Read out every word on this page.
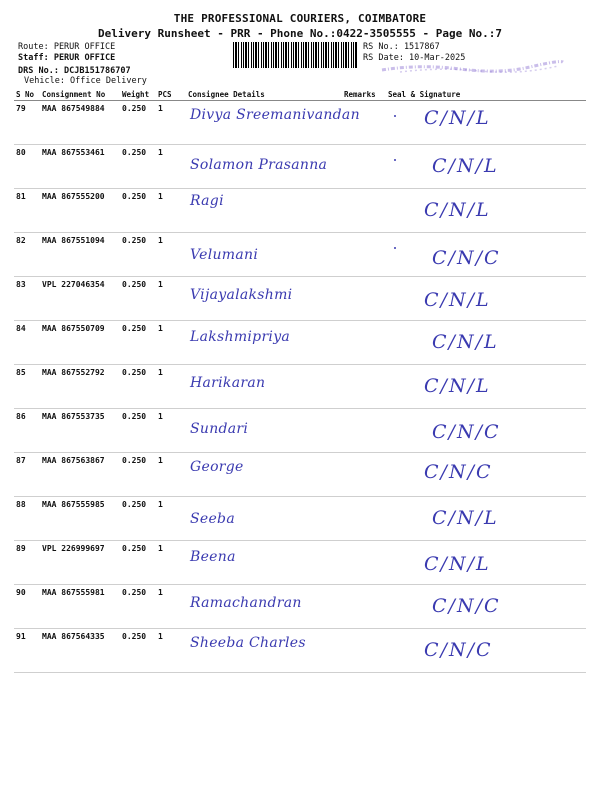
THE PROFESSIONAL COURIERS, COIMBATORE
Delivery Runsheet - PRR - Phone No.:0422-3505555 - Page No.:7
Route: PERUR OFFICE
Staff: PERUR OFFICE
DRS No.: DCJB151786707
Vehicle: Office Delivery
RS No.: 1517867
RS Date: 10-Mar-2025
S No	Consignment No	Weight	PCS	Consignee Details	Remarks	Seal & Signature
79	MAA 867549884	0.250	1	Divya Sreemanivandan		C/N/L

80	MAA 867553461	0.250	1	Solamon Prasanna		C/N/L

81	MAA 867555200	0.250	1	Ragi		C/N/L

82	MAA 867551094	0.250	1	Velumani		C/N/C

83	VPL 227046354	0.250	1	Vijayalakshmi		C/N/L

84	MAA 867550709	0.250	1	Lakshmipriya		C/N/L

85	MAA 867552792	0.250	1	Harikaran		C/N/L

86	MAA 867553735	0.250	1	Sundari		C/N/C

87	MAA 867563867	0.250	1	George		C/N/C

88	MAA 867555985	0.250	1	Seeba		C/N/L

89	VPL 226999697	0.250	1	Beena		C/N/L

90	MAA 867555981	0.250	1	Ramachandran		C/N/C

91	MAA 867564335	0.250	1	Sheeba Charles		C/N/C
